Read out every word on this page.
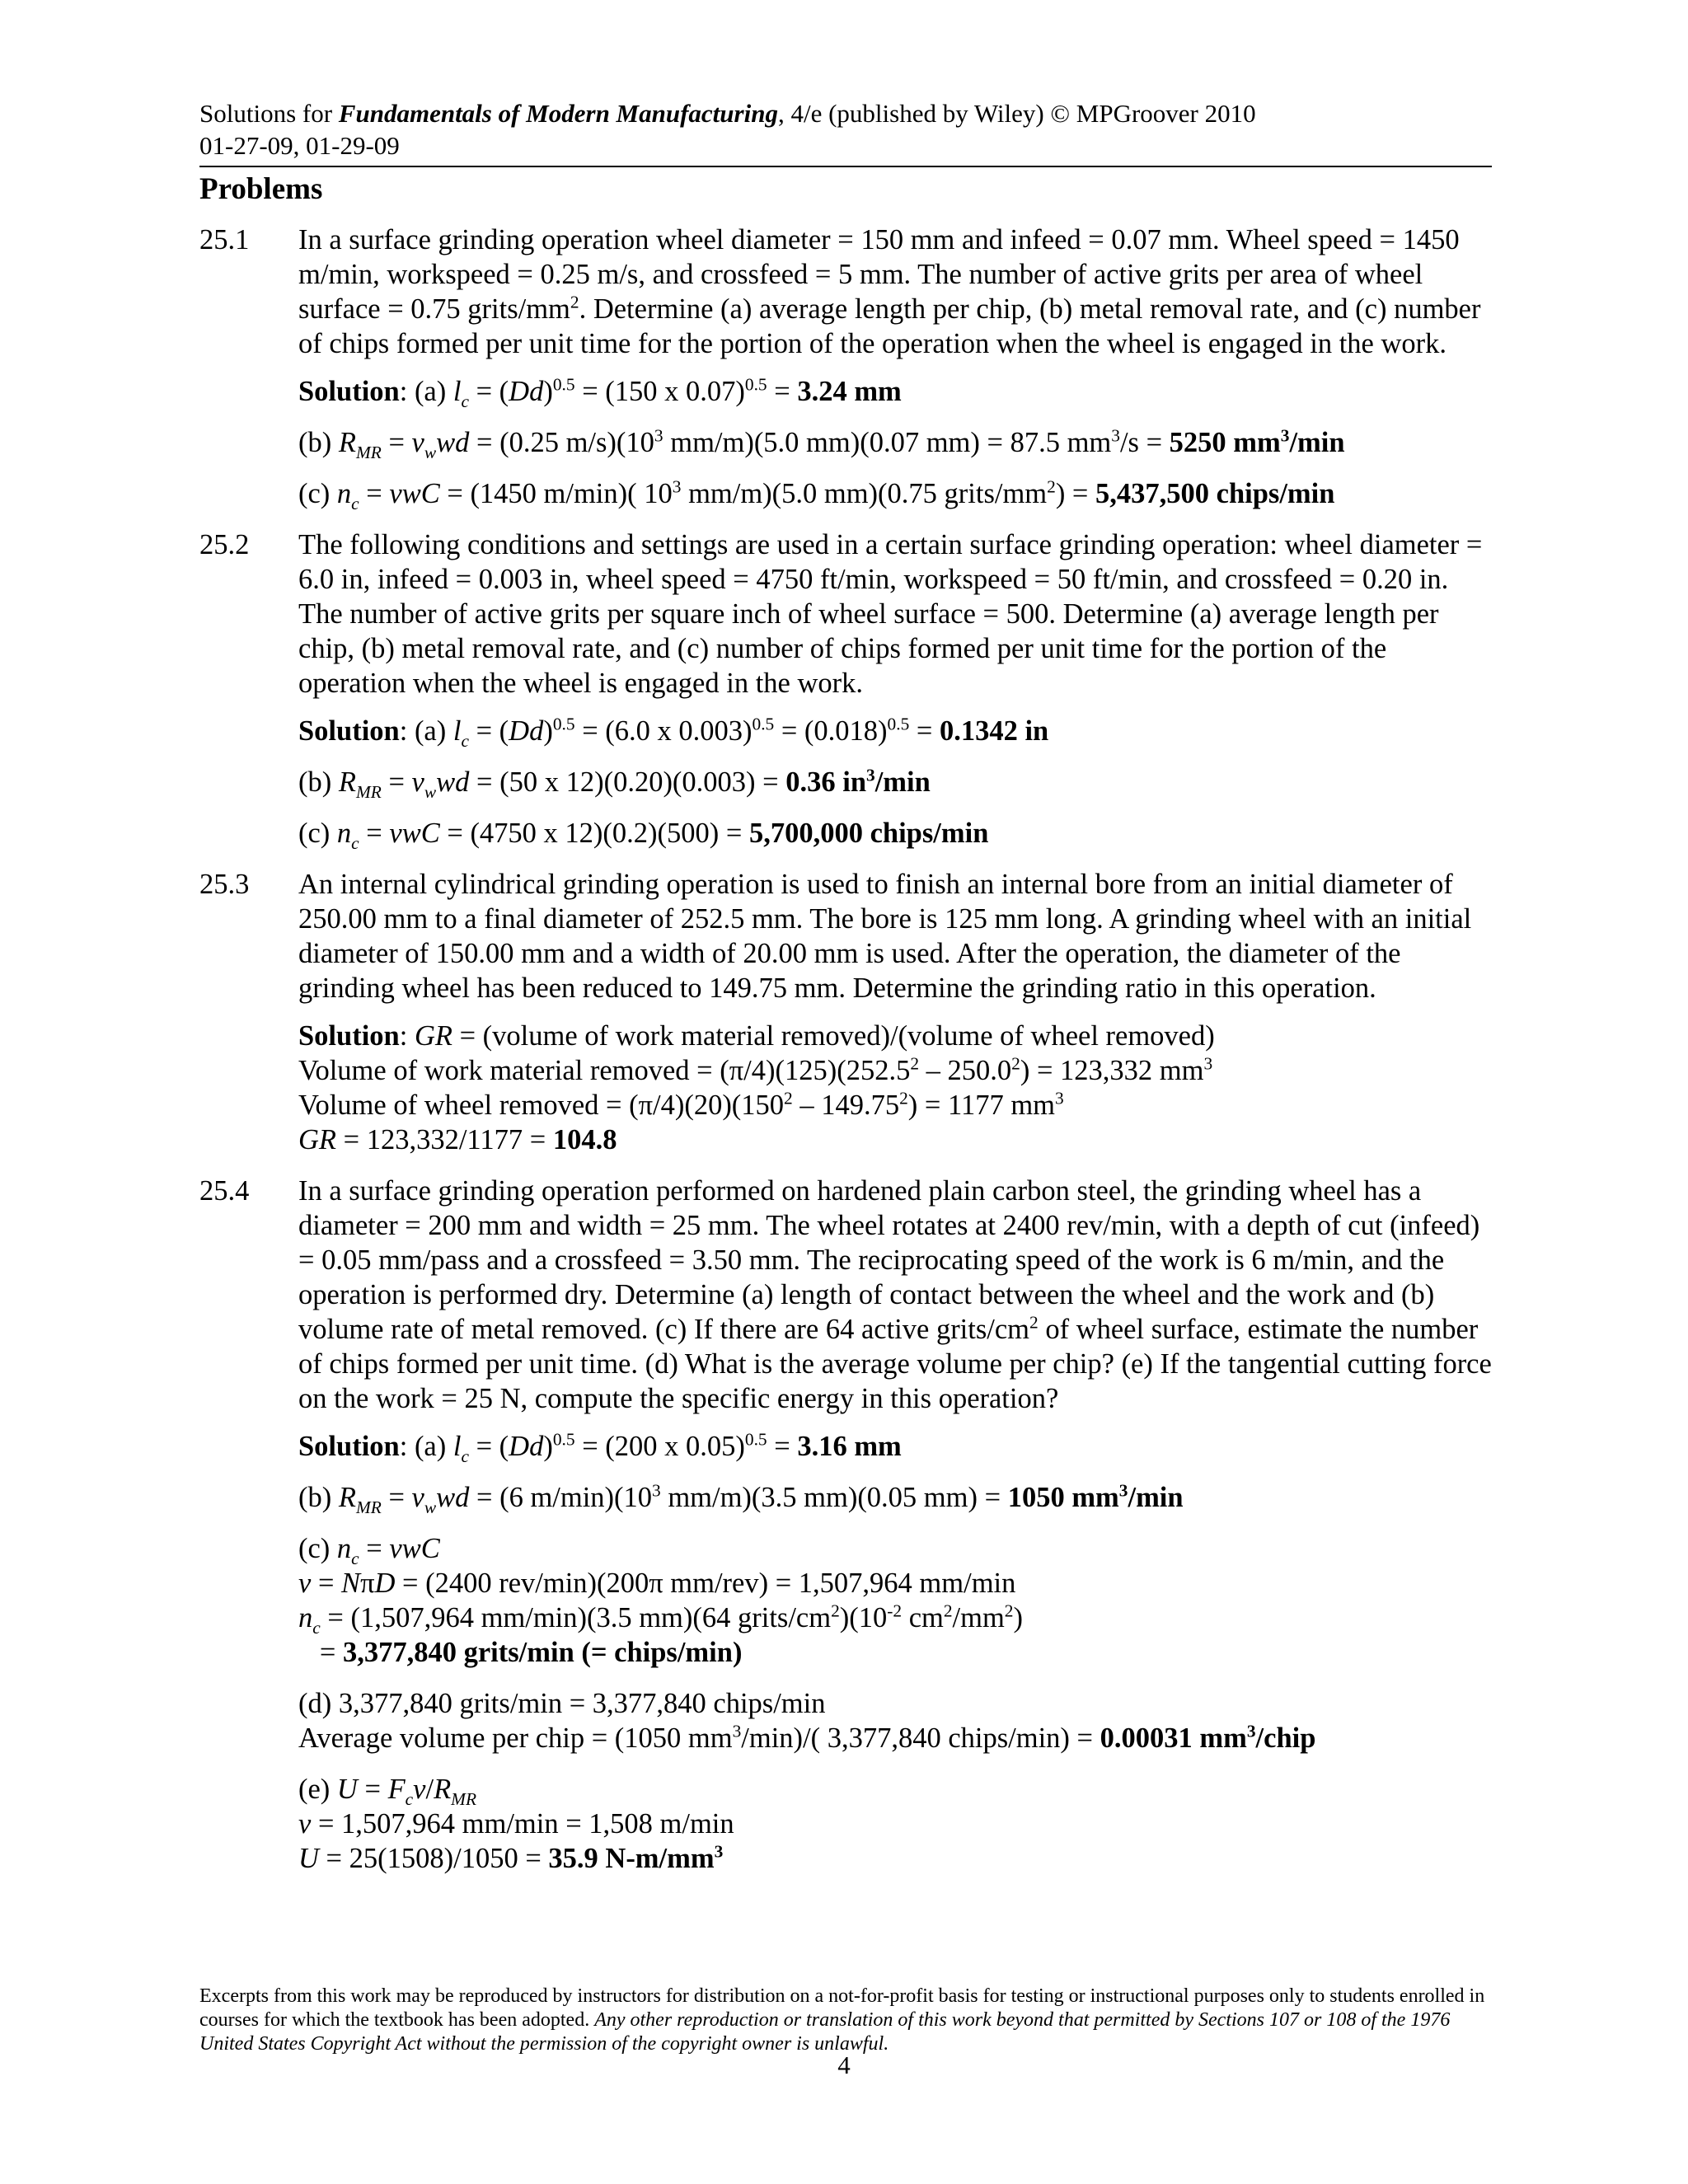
Solutions for Fundamentals of Modern Manufacturing, 4/e (published by Wiley) © MPGroover 2010
01-27-09, 01-29-09
Problems
25.1 In a surface grinding operation wheel diameter = 150 mm and infeed = 0.07 mm. Wheel speed = 1450 m/min, workspeed = 0.25 m/s, and crossfeed = 5 mm. The number of active grits per area of wheel surface = 0.75 grits/$mm^2$. Determine (a) average length per chip, (b) metal removal rate, and (c) number of chips formed per unit time for the portion of the operation when the wheel is engaged in the work.
Solution: (a) $l_c = (Dd)^{0.5} = (150$ x 0.07)$^{0.5}$ = 3.24 mm
(b) $R_{MR} = v_wwd = (0.25$ $m/s)(10^3$ mm/m)(5.0 mm)(0.07 mm) = 87.5 $mm^3/s = 5250$ $mm^3/\min$
(c) $n_c$ = vwC = (1450 m/min)( $10^3$ mm/m)(5.0 mm)(0.75 grits/$mm^2) = 5,437,500$ chips/min
25.2 The following conditions and settings are used in a certain surface grinding operation: wheel diameter = 6.0 in, infeed = 0.003 in, wheel speed = 4750 ft/min, workspeed = 50 ft/min, and crossfeed = 0.20 in. The number of active grits per square inch of wheel surface = 500. Determine (a) average length per chip, (b) metal removal rate, and (c) number of chips formed per unit time for the portion of the operation when the wheel is engaged in the work.
Solution: (a) $l_c = (Dd)^{0.5} = (6.0$ x $0.003)^{0.5} = (0.018)^{0.5} = 0.1342$ in
(b) $R_{MR} = v_wwd = (50$ x 12)(0.20)(0.003) = 0.36 $in^3/\min$
(c) $n_c$ = vwC = (4750 x 12)(0.2)(500) = 5,700,000 chips/min
25.3 An internal cylindrical grinding operation is used to finish an internal bore from an initial diameter of 250.00 mm to a final diameter of 252.5 mm. The bore is 125 mm long. A grinding wheel with an initial diameter of 150.00 mm and a width of 20.00 mm is used. After the operation, the diameter of the grinding wheel has been reduced to 149.75 mm. Determine the grinding ratio in this operation.
Solution: GR = (volume of work material removed)/(volume of wheel removed)
Volume of work material removed = $(\pi/4)(125)(252.5^2 - 250.0^2) = 123,332$ $mm^3$
Volume of wheel removed = $(\pi/4)(20)(150^2 - 149.75^2) = 1177$ $mm^3$
GR = 123,332/1177 = 104.8
25.4 In a surface grinding operation performed on hardened plain carbon steel, the grinding wheel has a diameter = 200 mm and width = 25 mm. The wheel rotates at 2400 rev/min, with a depth of cut (infeed) = 0.05 mm/pass and a crossfeed = 3.50 mm. The reciprocating speed of the work is 6 m/min, and the operation is performed dry. Determine (a) length of contact between the wheel and the work and (b) volume rate of metal removed. (c) If there are 64 active grits/$cm^2$ of wheel surface, estimate the number of chips formed per unit time. (d) What is the average volume per chip? (e) If the tangential cutting force on the work = 25 N, compute the specific energy in this operation?
Solution: (a) $l_c = (Dd)^{0.5} = (200$ x 0.05)$^{0.5}$ = 3.16 mm
(b) $R_{MR} = v_wwd = (6$ $m/\min)(10^3$ mm/m)(3.5 mm)(0.05 mm) = 1050 $mm^3/\min$
(c) $n_c$ = vwC
v = NπD = (2400 rev/min)(200π mm/rev) = 1,507,964 mm/min
$n_c = (1,507,964$ mm/min)(3.5 mm)(64 grits/$cm^2)(10^{-2}$ $cm^2/mm^2$)
= 3,377,840 grits/min (= chips/min)
(d) 3,377,840 grits/min = 3,377,840 chips/min
Average volume per chip = (1050 $mm^3/\min)/$( 3,377,840 chips/min) = 0.00031 $mm^3$/chip
(e) $U = F_cv/R_{MR}$
v = 1,507,964 mm/min = 1,508 m/min
U = 25(1508)/1050 = 35.9 $N-m/mm^3$
Excerpts from this work may be reproduced by instructors for distribution on a not-for-profit basis for testing or instructional purposes only to students enrolled in courses for which the textbook has been adopted. Any other reproduction or translation of this work beyond that permitted by Sections 107 or 108 of the 1976 United States Copyright Act without the permission of the copyright owner is unlawful.
4
